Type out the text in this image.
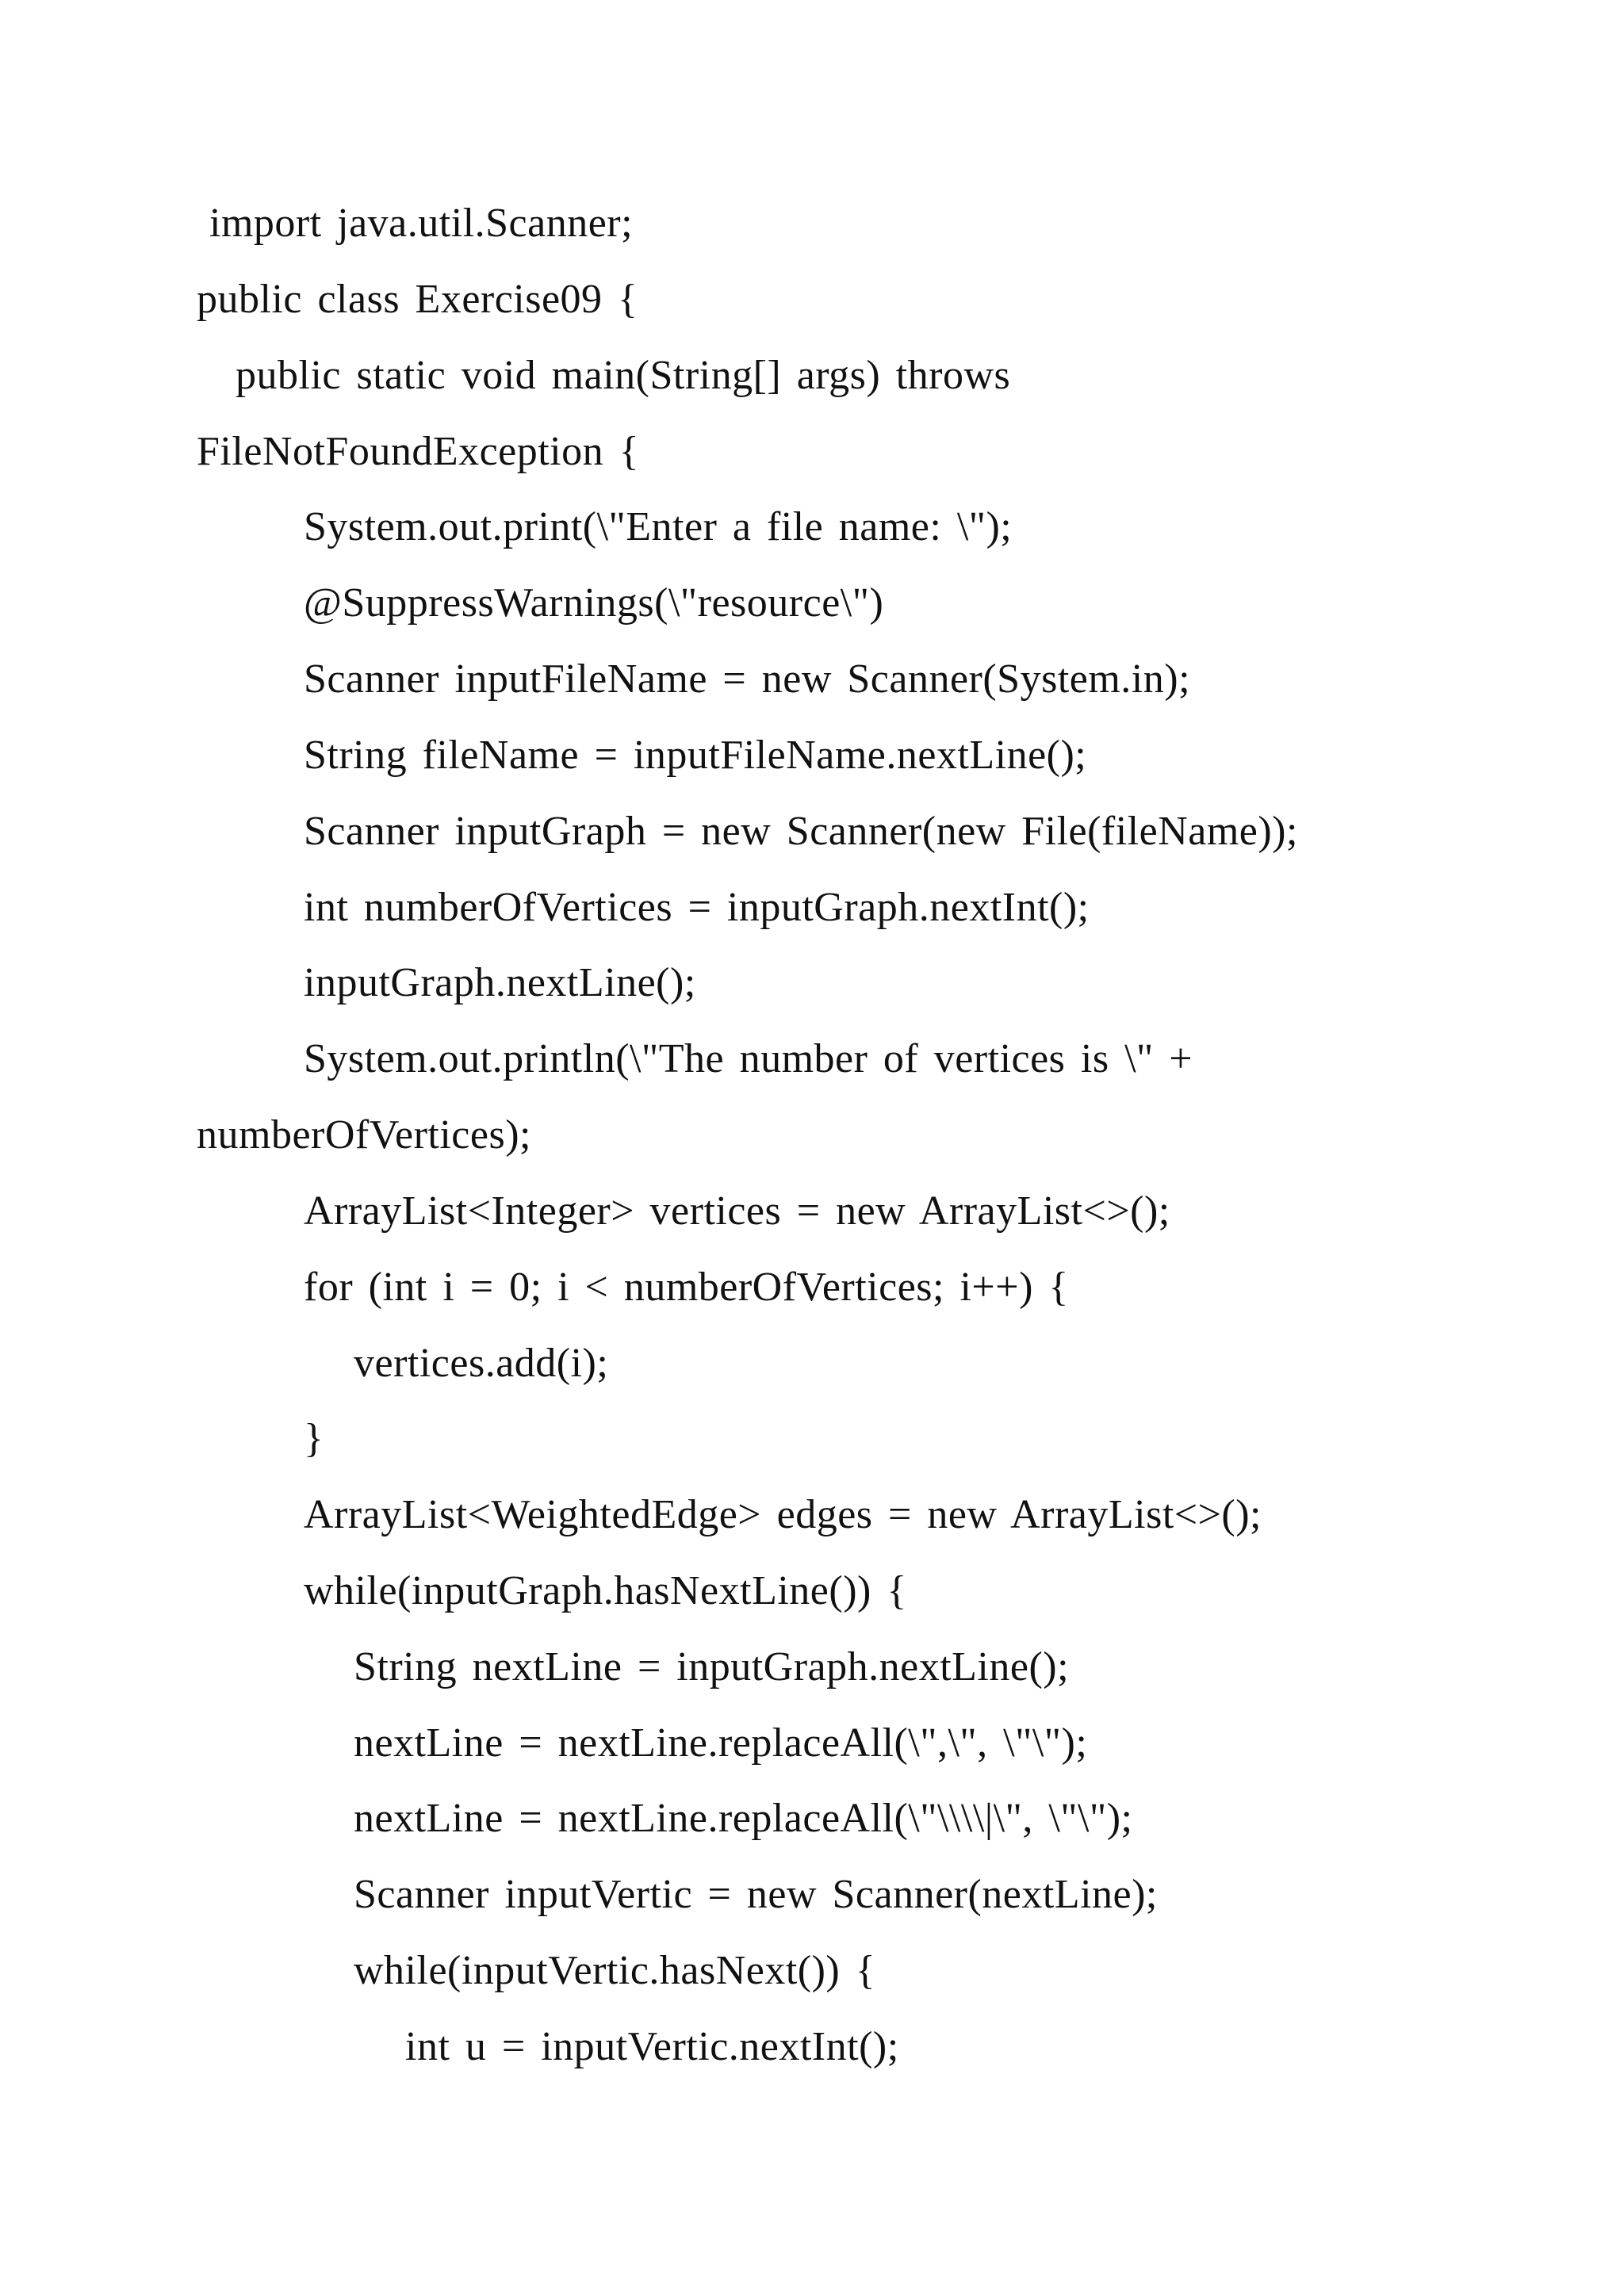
import java.util.Scanner;
public class Exercise09 {
public static void main(String[] args) throws
FileNotFoundException {
System.out.print(\"Enter a file name: \");
@SuppressWarnings(\"resource\")
Scanner inputFileName = new Scanner(System.in);
String fileName = inputFileName.nextLine();
Scanner inputGraph = new Scanner(new File(fileName));
int numberOfVertices = inputGraph.nextInt();
inputGraph.nextLine();
System.out.println(\"The number of vertices is \" +
numberOfVertices);
ArrayList<Integer> vertices = new ArrayList<>();
for (int i = 0; i < numberOfVertices; i++) {
vertices.add(i);
}
ArrayList<WeightedEdge> edges = new ArrayList<>();
while(inputGraph.hasNextLine()) {
String nextLine = inputGraph.nextLine();
nextLine = nextLine.replaceAll(\",\", \"\");
nextLine = nextLine.replaceAll(\"\\\\|\", \"\");
Scanner inputVertic = new Scanner(nextLine);
while(inputVertic.hasNext()) {
int u = inputVertic.nextInt();
